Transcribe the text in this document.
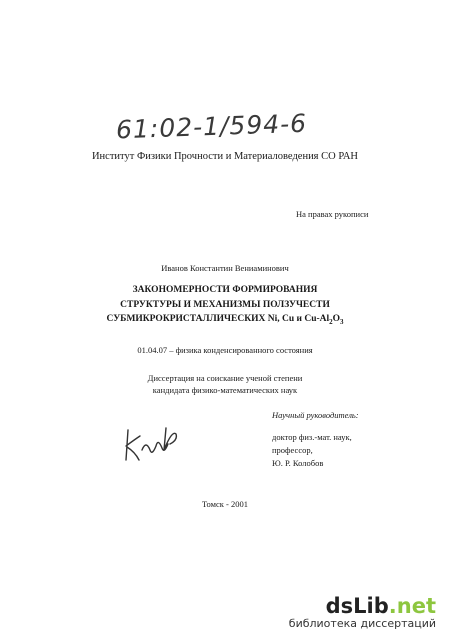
61:02-1/594-6
Институт Физики Прочности и Материаловедения СО РАН
На правах рукописи
Иванов Константин Вениаминович
ЗАКОНОМЕРНОСТИ ФОРМИРОВАНИЯ
СТРУКТУРЫ И МЕХАНИЗМЫ ПОЛЗУЧЕСТИ
СУБМИКРОКРИСТАЛЛИЧЕСКИХ Ni, Cu и $Cu-Al_2O_3$
01.04.07 – физика конденсированного состояния
Диссертация на соискание ученой степени
кандидата физико-математических наук
Научный руководитель:
доктор физ.-мат. наук,
профессор,
Ю. Р. Колобов
Томск - 2001
dsLib.net
библиотека диссертаций
